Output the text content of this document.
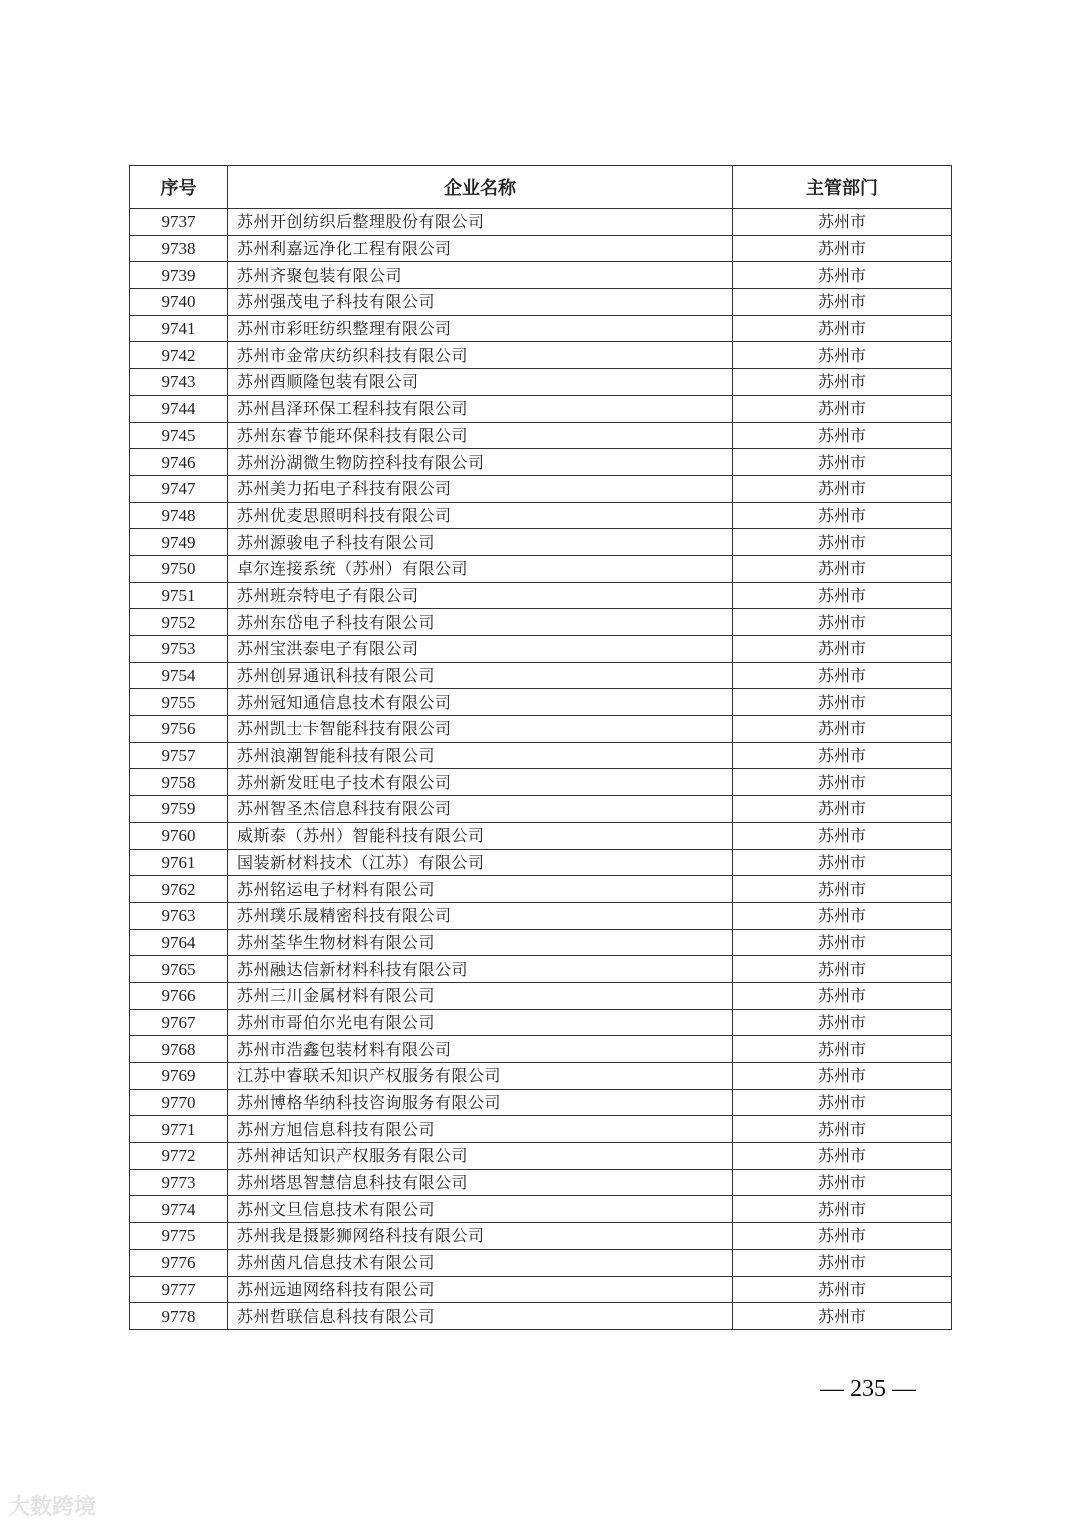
序号	企业名称	主管部门
9737	苏州开创纺织后整理股份有限公司	苏州市
9738	苏州利嘉远净化工程有限公司	苏州市
9739	苏州齐聚包装有限公司	苏州市
9740	苏州强茂电子科技有限公司	苏州市
9741	苏州市彩旺纺织整理有限公司	苏州市
9742	苏州市金常庆纺织科技有限公司	苏州市
9743	苏州酉顺隆包装有限公司	苏州市
9744	苏州昌泽环保工程科技有限公司	苏州市
9745	苏州东睿节能环保科技有限公司	苏州市
9746	苏州汾湖微生物防控科技有限公司	苏州市
9747	苏州美力拓电子科技有限公司	苏州市
9748	苏州优麦思照明科技有限公司	苏州市
9749	苏州源骏电子科技有限公司	苏州市
9750	卓尔连接系统（苏州）有限公司	苏州市
9751	苏州班奈特电子有限公司	苏州市
9752	苏州东岱电子科技有限公司	苏州市
9753	苏州宝洪泰电子有限公司	苏州市
9754	苏州创昇通讯科技有限公司	苏州市
9755	苏州冠知通信息技术有限公司	苏州市
9756	苏州凯士卡智能科技有限公司	苏州市
9757	苏州浪潮智能科技有限公司	苏州市
9758	苏州新发旺电子技术有限公司	苏州市
9759	苏州智圣杰信息科技有限公司	苏州市
9760	威斯泰（苏州）智能科技有限公司	苏州市
9761	国装新材料技术（江苏）有限公司	苏州市
9762	苏州铭运电子材料有限公司	苏州市
9763	苏州璞乐晟精密科技有限公司	苏州市
9764	苏州荃华生物材料有限公司	苏州市
9765	苏州融达信新材料科技有限公司	苏州市
9766	苏州三川金属材料有限公司	苏州市
9767	苏州市哥伯尔光电有限公司	苏州市
9768	苏州市浩鑫包装材料有限公司	苏州市
9769	江苏中睿联禾知识产权服务有限公司	苏州市
9770	苏州博格华纳科技咨询服务有限公司	苏州市
9771	苏州方旭信息科技有限公司	苏州市
9772	苏州神话知识产权服务有限公司	苏州市
9773	苏州塔思智慧信息科技有限公司	苏州市
9774	苏州文旦信息技术有限公司	苏州市
9775	苏州我是摄影狮网络科技有限公司	苏州市
9776	苏州茵凡信息技术有限公司	苏州市
9777	苏州远迪网络科技有限公司	苏州市
9778	苏州哲联信息科技有限公司	苏州市
— 235 —
大数跨境
